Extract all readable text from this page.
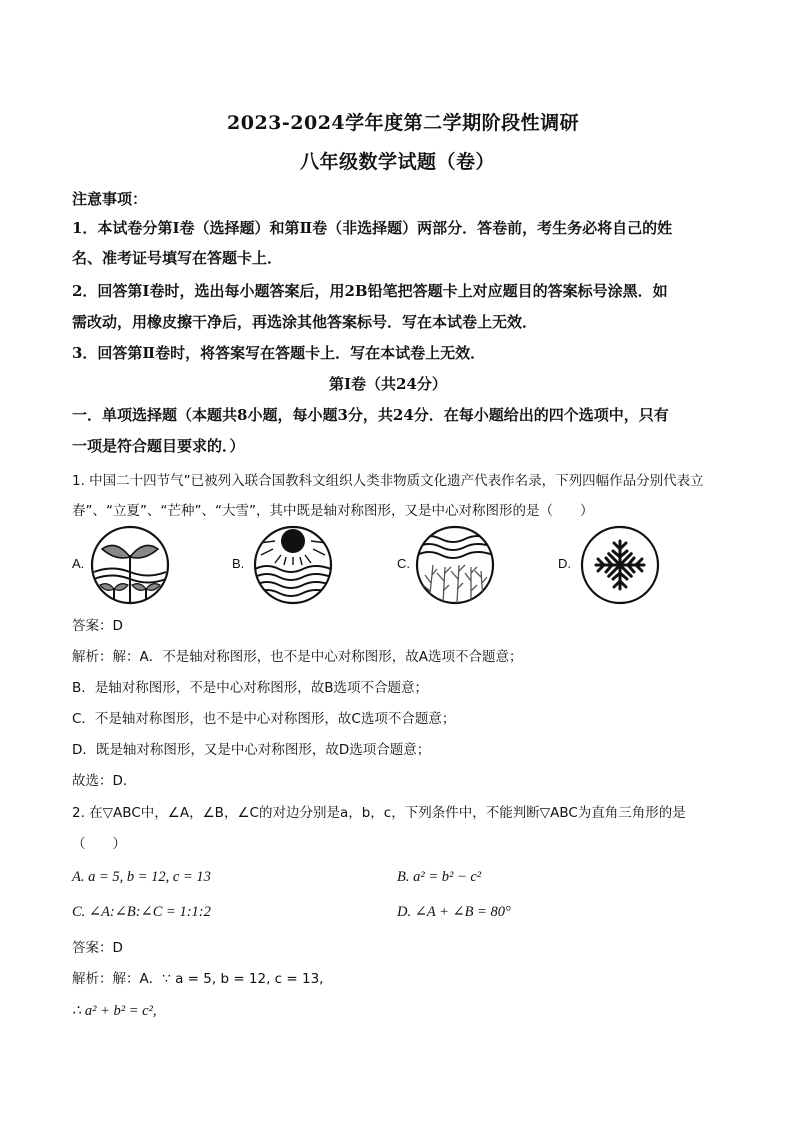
2023-2024学年度第二学期阶段性调研
八年级数学试题（卷）
注意事项：
1．本试卷分第Ⅰ卷（选择题）和第Ⅱ卷（非选择题）两部分．答卷前，考生务必将自己的姓
名、准考证号填写在答题卡上．
2．回答第Ⅰ卷时，选出每小题答案后，用2B铅笔把答题卡上对应题目的答案标号涂黑．如
需改动，用橡皮擦干净后，再选涂其他答案标号．写在本试卷上无效．
3．回答第Ⅱ卷时，将答案写在答题卡上．写在本试卷上无效．
第Ⅰ卷（共24分）
一．单项选择题（本题共8小题，每小题3分，共24分．在每小题给出的四个选项中，只有
一项是符合题目要求的．）
1. 中国二十四节气”已被列入联合国教科文组织人类非物质文化遗产代表作名录，下列四幅作品分别代表立
春”、“立夏”、“芒种”、“大雪”，其中既是轴对称图形，又是中心对称图形的是（　　）
A.	B.	C.	D.
答案：D
解析：解：A．不是轴对称图形，也不是中心对称图形，故A选项不合题意；
B．是轴对称图形，不是中心对称图形，故B选项不合题意；
C．不是轴对称图形，也不是中心对称图形，故C选项不合题意；
D．既是轴对称图形，又是中心对称图形，故D选项合题意；
故选：D．
2. 在▽ABC中，∠A，∠B，∠C的对边分别是a，b，c，下列条件中，不能判断▽ABC为直角三角形的是
（　　）
A. a = 5, b = 12, c = 13	B. a² = b² − c²
C. ∠A:∠B:∠C = 1:1:2	D. ∠A + ∠B = 80°
答案：D
解析：解：A．∵ a = 5, b = 12, c = 13,
∴ a² + b² = c²,
